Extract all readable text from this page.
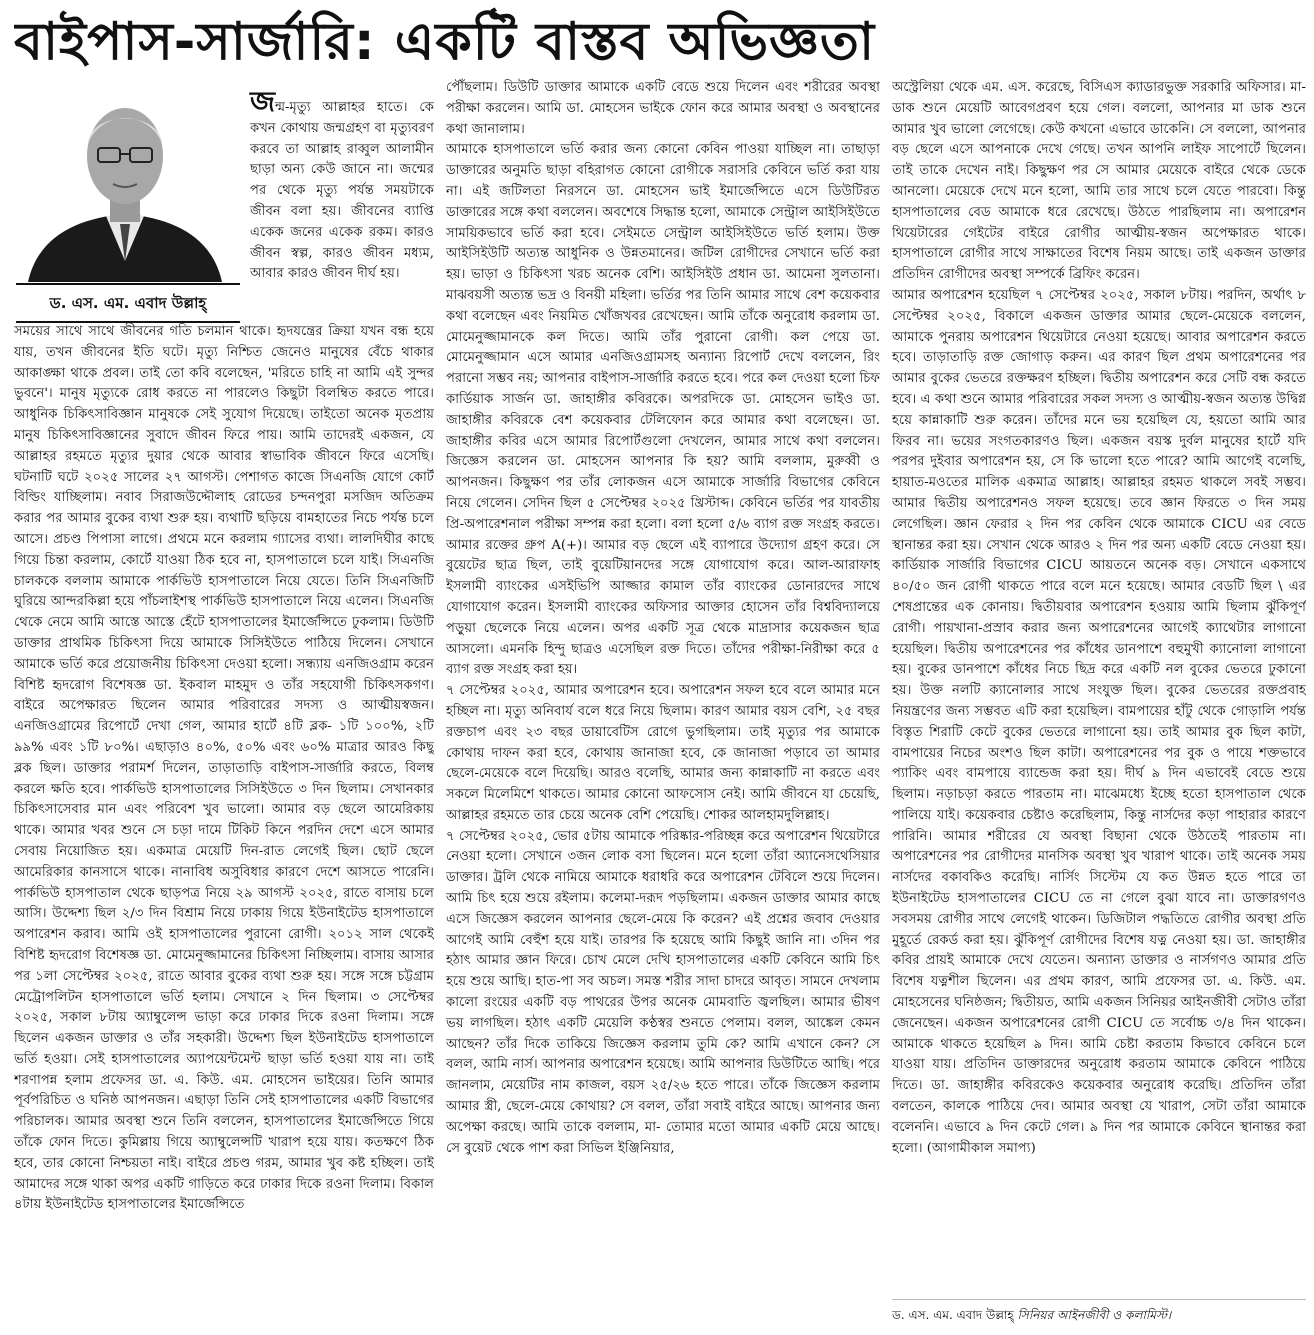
বাইপাস-সার্জারি: একটি বাস্তব অভিজ্ঞতা
ড. এস. এম. এবাদ উল্লাহ্

জন্ম-মৃত্যু আল্লাহর হাতে। কে কখন কোথায় জন্মগ্রহণ বা মৃত্যুবরণ করবে তা আল্লাহ রাব্বুল আলামীন ছাড়া অন্য কেউ জানে না। জন্মের পর থেকে মৃত্যু পর্যন্ত সময়টাকে জীবন বলা হয়। জীবনের ব্যাপ্তি একেক জনের একেক রকম। কারও জীবন স্বল্প, কারও জীবন মধ্যম, আবার কারও জীবন দীর্ঘ হয়।

সময়ের সাথে সাথে জীবনের গতি চলমান থাকে। হৃদযন্ত্রের ক্রিয়া যখন বন্ধ হয়ে যায়, তখন জীবনের ইতি ঘটে। মৃত্যু নিশ্চিত জেনেও মানুষের বেঁচে থাকার আকাঙ্ক্ষা থাকে প্রবল। তাই তো কবি বলেছেন, 'মরিতে চাহি না আমি এই সুন্দর ভুবনে'। মানুষ মৃত্যুকে রোধ করতে না পারলেও কিছুটা বিলম্বিত করতে পারে। আধুনিক চিকিৎসাবিজ্ঞান মানুষকে সেই সুযোগ দিয়েছে। তাইতো অনেক মৃতপ্রায় মানুষ চিকিৎসাবিজ্ঞানের সুবাদে জীবন ফিরে পায়। আমি তাদেরই একজন, যে আল্লাহর রহমতে মৃত্যুর দুয়ার থেকে আবার স্বাভাবিক জীবনে ফিরে এসেছি। ঘটনাটি ঘটে ২০২৫ সালের ২৭ আগস্ট। পেশাগত কাজে সিএনজি যোগে কোর্ট বিল্ডিং যাচ্ছিলাম। নবাব সিরাজউদ্দৌলাহ রোডের চন্দনপুরা মসজিদ অতিক্রম করার পর আমার বুকের ব্যথা শুরু হয়। ব্যথাটি ছড়িয়ে বামহাতের নিচে পর্যন্ত চলে আসে। প্রচণ্ড পিপাসা লাগে। প্রথমে মনে করলাম গ্যাসের ব্যথা। লালদিঘীর কাছে গিয়ে চিন্তা করলাম, কোর্টে যাওয়া ঠিক হবে না, হাসপাতালে চলে যাই। সিএনজি চালককে বললাম আমাকে পার্কভিউ হাসপাতালে নিয়ে যেতে। তিনি সিএনজিটি ঘুরিয়ে আন্দরকিল্লা হয়ে পাঁচলাইশস্থ পার্কভিউ হাসপাতালে নিয়ে এলেন। সিএনজি থেকে নেমে আমি আস্তে আস্তে হেঁটে হাসপাতালের ইমার্জেন্সিতে ঢুকলাম। ডিউটি ডাক্তার প্রাথমিক চিকিৎসা দিয়ে আমাকে সিসিইউতে পাঠিয়ে দিলেন। সেখানে আমাকে ভর্তি করে প্রয়োজনীয় চিকিৎসা দেওয়া হলো। সন্ধ্যায় এনজিওগ্রাম করেন বিশিষ্ট হৃদরোগ বিশেষজ্ঞ ডা. ইকবাল মাহমুদ ও তাঁর সহযোগী চিকিৎসকগণ। বাইরে অপেক্ষারত ছিলেন আমার পরিবারের সদস্য ও আত্মীয়স্বজন। এনজিওগ্রামের রিপোর্টে দেখা গেল, আমার হার্টে ৪টি ব্লক- ১টি ১০০%, ২টি ৯৯% এবং ১টি ৮০%। এছাড়াও ৪০%, ৫০% এবং ৬০% মাত্রার আরও কিছু ব্লক ছিল। ডাক্তার পরামর্শ দিলেন, তাড়াতাড়ি বাইপাস-সার্জারি করতে, বিলম্ব করলে ক্ষতি হবে। পার্কভিউ হাসপাতালের সিসিইউতে ৩ দিন ছিলাম। সেখানকার চিকিৎসাসেবার মান এবং পরিবেশ খুব ভালো। আমার বড় ছেলে আমেরিকায় থাকে। আমার খবর শুনে সে চড়া দামে টিকিট কিনে পরদিন দেশে এসে আমার সেবায় নিয়োজিত হয়। একমাত্র মেয়েটি দিন-রাত লেগেই ছিল। ছোট ছেলে আমেরিকার কানসাসে থাকে। নানাবিধ অসুবিধার কারণে দেশে আসতে পারেনি। পার্কভিউ হাসপাতাল থেকে ছাড়পত্র নিয়ে ২৯ আগস্ট ২০২৫, রাতে বাসায় চলে আসি। উদ্দেশ্য ছিল ২/৩ দিন বিশ্রাম নিয়ে ঢাকায় গিয়ে ইউনাইটেড হাসপাতালে অপারেশন করাব। আমি ওই হাসপাতালের পুরানো রোগী। ২০১২ সাল থেকেই বিশিষ্ট হৃদরোগ বিশেষজ্ঞ ডা. মোমেনুজ্জামানের চিকিৎসা নিচ্ছিলাম। বাসায় আসার পর ১লা সেপ্টেম্বর ২০২৫, রাতে আবার বুকের ব্যথা শুরু হয়। সঙ্গে সঙ্গে চট্টগ্রাম মেট্রোপলিটন হাসপাতালে ভর্তি হলাম। সেখানে ২ দিন ছিলাম। ৩ সেপ্টেম্বর ২০২৫, সকাল ৮টায় অ্যাম্বুলেন্স ভাড়া করে ঢাকার দিকে রওনা দিলাম। সঙ্গে ছিলেন একজন ডাক্তার ও তাঁর সহকারী। উদ্দেশ্য ছিল ইউনাইটেড হাসপাতালে ভর্তি হওয়া। সেই হাসপাতালের অ্যাপয়েন্টমেন্ট ছাড়া ভর্তি হওয়া যায় না। তাই শরণাপন্ন হলাম প্রফেসর ডা. এ. কিউ. এম. মোহসেন ভাইয়ের। তিনি আমার পূর্বপরিচিত ও ঘনিষ্ঠ আপনজন। এছাড়া তিনি সেই হাসপাতালের একটি বিভাগের পরিচালক। আমার অবস্থা শুনে তিনি বললেন, হাসপাতালের ইমার্জেন্সিতে গিয়ে তাঁকে ফোন দিতে। কুমিল্লায় গিয়ে অ্যাম্বুলেন্সটি খারাপ হয়ে যায়। কতক্ষণে ঠিক হবে, তার কোনো নিশ্চয়তা নাই। বাইরে প্রচণ্ড গরম, আমার খুব কষ্ট হচ্ছিল। তাই আমাদের সঙ্গে থাকা অপর একটি গাড়িতে করে ঢাকার দিকে রওনা দিলাম। বিকাল ৪টায় ইউনাইটেড হাসপাতালের ইমার্জেন্সিতে

পৌঁছলাম। ডিউটি ডাক্তার আমাকে একটি বেডে শুয়ে দিলেন এবং শরীরের অবস্থা পরীক্ষা করলেন। আমি ডা. মোহসেন ভাইকে ফোন করে আমার অবস্থা ও অবস্থানের কথা জানালাম।

আমাকে হাসপাতালে ভর্তি করার জন্য কোনো কেবিন পাওয়া যাচ্ছিল না। তাছাড়া ডাক্তারের অনুমতি ছাড়া বহিরাগত কোনো রোগীকে সরাসরি কেবিনে ভর্তি করা যায় না। এই জটিলতা নিরসনে ডা. মোহসেন ভাই ইমার্জেন্সিতে এসে ডিউটিরত ডাক্তারের সঙ্গে কথা বললেন। অবশেষে সিদ্ধান্ত হলো, আমাকে সেন্ট্রাল আইসিইউতে সাময়িকভাবে ভর্তি করা হবে। সেইমতে সেন্ট্রাল আইসিইউতে ভর্তি হলাম। উক্ত আইসিইউটি অত্যন্ত আধুনিক ও উন্নতমানের। জটিল রোগীদের সেখানে ভর্তি করা হয়। ভাড়া ও চিকিৎসা খরচ অনেক বেশি। আইসিইউ প্রধান ডা. আমেনা সুলতানা। মাঝবয়সী অত্যন্ত ভদ্র ও বিনয়ী মহিলা। ভর্তির পর তিনি আমার সাথে বেশ কয়েকবার কথা বলেছেন এবং নিয়মিত খোঁজখবর রেখেছেন। আমি তাঁকে অনুরোধ করলাম ডা. মোমেনুজ্জামানকে কল দিতে। আমি তাঁর পুরানো রোগী। কল পেয়ে ডা. মোমেনুজ্জামান এসে আমার এনজিওগ্রামসহ অন্যান্য রিপোর্ট দেখে বললেন, রিং পরানো সম্ভব নয়; আপনার বাইপাস-সার্জারি করতে হবে। পরে কল দেওয়া হলো চিফ কার্ডিয়াক সার্জন ডা. জাহাঙ্গীর কবিরকে। অপরদিকে ডা. মোহসেন ভাইও ডা. জাহাঙ্গীর কবিরকে বেশ কয়েকবার টেলিফোন করে আমার কথা বলেছেন। ডা. জাহাঙ্গীর কবির এসে আমার রিপোর্টগুলো দেখলেন, আমার সাথে কথা বললেন। জিজ্ঞেস করলেন ডা. মোহসেন আপনার কি হয়? আমি বললাম, মুরুব্বী ও আপনজন। কিছুক্ষণ পর তাঁর লোকজন এসে আমাকে সার্জারি বিভাগের কেবিনে নিয়ে গেলেন। সেদিন ছিল ৫ সেপ্টেম্বর ২০২৫ খ্রিস্টাব্দ। কেবিনে ভর্তির পর যাবতীয় প্রি-অপারেশনাল পরীক্ষা সম্পন্ন করা হলো। বলা হলো ৫/৬ ব্যাগ রক্ত সংগ্রহ করতে। আমার রক্তের গ্রুপ A(+)। আমার বড় ছেলে এই ব্যাপারে উদ্যোগ গ্রহণ করে। সে বুয়েটের ছাত্র ছিল, তাই বুয়েটিয়ানদের সঙ্গে যোগাযোগ করে। আল-আরাফাহ ইসলামী ব্যাংকের এসইভিপি আজ্জার কামাল তাঁর ব্যাংকের ডোনারদের সাথে যোগাযোগ করেন। ইসলামী ব্যাংকের অফিসার আক্তার হোসেন তাঁর বিশ্ববিদ্যালয়ে পড়ুয়া ছেলেকে নিয়ে এলেন। অপর একটি সূত্র থেকে মাদ্রাসার কয়েকজন ছাত্র আসলো। এমনকি হিন্দু ছাত্রও এসেছিল রক্ত দিতে। তাঁদের পরীক্ষা-নিরীক্ষা করে ৫ ব্যাগ রক্ত সংগ্রহ করা হয়।

৭ সেপ্টেম্বর ২০২৫, আমার অপারেশন হবে। অপারেশন সফল হবে বলে আমার মনে হচ্ছিল না। মৃত্যু অনিবার্য বলে ধরে নিয়ে ছিলাম। কারণ আমার বয়স বেশি, ২৫ বছর রক্তচাপ এবং ২৩ বছর ডায়াবেটিস রোগে ভুগছিলাম। তাই মৃত্যুর পর আমাকে কোথায় দাফন করা হবে, কোথায় জানাজা হবে, কে জানাজা পড়াবে তা আমার ছেলে-মেয়েকে বলে দিয়েছি। আরও বলেছি, আমার জন্য কান্নাকাটি না করতে এবং সকলে মিলেমিশে থাকতে। আমার কোনো আফসোস নেই। আমি জীবনে যা চেয়েছি, আল্লাহর রহমতে তার চেয়ে অনেক বেশি পেয়েছি। শোকর আলহামদুলিল্লাহ।

৭ সেপ্টেম্বর ২০২৫, ভোর ৫টায় আমাকে পরিষ্কার-পরিচ্ছন্ন করে অপারেশন থিয়েটারে নেওয়া হলো। সেখানে ৩জন লোক বসা ছিলেন। মনে হলো তাঁরা অ্যানেসথেসিয়ার ডাক্তার। ট্রলি থেকে নামিয়ে আমাকে ধরাধরি করে অপারেশন টেবিলে শুয়ে দিলেন। আমি চিৎ হয়ে শুয়ে রইলাম। কলেমা-দরূদ পড়ছিলাম। একজন ডাক্তার আমার কাছে এসে জিজ্ঞেস করলেন আপনার ছেলে-মেয়ে কি করেন? এই প্রশ্নের জবাব দেওয়ার আগেই আমি বেহুঁশ হয়ে যাই। তারপর কি হয়েছে আমি কিছুই জানি না। ৩দিন পর হঠাৎ আমার জ্ঞান ফিরে। চোখ মেলে দেখি হাসপাতালের একটি কেবিনে আমি চিৎ হয়ে শুয়ে আছি। হাত-পা সব অচল। সমস্ত শরীর সাদা চাদরে আবৃত। সামনে দেখলাম কালো রংয়ের একটি বড় পাথরের উপর অনেক মোমবাতি জ্বলছিল। আমার ভীষণ ভয় লাগছিল। হঠাৎ একটি মেয়েলি কণ্ঠস্বর শুনতে পেলাম। বলল, আঙ্কেল কেমন আছেন? তাঁর দিকে তাকিয়ে জিজ্ঞেস করলাম তুমি কে? আমি এখানে কেন? সে বলল, আমি নার্স। আপনার অপারেশন হয়েছে। আমি আপনার ডিউটিতে আছি। পরে জানলাম, মেয়েটির নাম কাজল, বয়স ২৫/২৬ হতে পারে। তাঁকে জিজ্ঞেস করলাম আমার স্ত্রী, ছেলে-মেয়ে কোথায়? সে বলল, তাঁরা সবাই বাইরে আছে। আপনার জন্য অপেক্ষা করছে। আমি তাকে বললাম, মা- তোমার মতো আমার একটি মেয়ে আছে। সে বুয়েট থেকে পাশ করা সিভিল ইঞ্জিনিয়ার,

অস্ট্রেলিয়া থেকে এম. এস. করেছে, বিসিএস ক্যাডারভুক্ত সরকারি অফিসার। মা-ডাক শুনে মেয়েটি আবেগপ্রবণ হয়ে গেল। বললো, আপনার মা ডাক শুনে আমার খুব ভালো লেগেছে। কেউ কখনো এভাবে ডাকেনি। সে বললো, আপনার বড় ছেলে এসে আপনাকে দেখে গেছে। তখন আপনি লাইফ সাপোর্টে ছিলেন। তাই তাকে দেখেন নাই। কিছুক্ষণ পর সে আমার মেয়েকে বাইরে থেকে ডেকে আনলো। মেয়েকে দেখে মনে হলো, আমি তার সাথে চলে যেতে পারবো। কিন্তু হাসপাতালের বেড আমাকে ধরে রেখেছে। উঠতে পারছিলাম না। অপারেশন থিয়েটারের গেইটের বাইরে রোগীর আত্মীয়-স্বজন অপেক্ষারত থাকে। হাসপাতালে রোগীর সাথে সাক্ষাতের বিশেষ নিয়ম আছে। তাই একজন ডাক্তার প্রতিদিন রোগীদের অবস্থা সম্পর্কে ব্রিফিং করেন।

আমার অপারেশন হয়েছিল ৭ সেপ্টেম্বর ২০২৫, সকাল ৮টায়। পরদিন, অর্থাৎ ৮ সেপ্টেম্বর ২০২৫, বিকালে একজন ডাক্তার আমার ছেলে-মেয়েকে বললেন, আমাকে পুনরায় অপারেশন থিয়েটারে নেওয়া হয়েছে। আবার অপারেশন করতে হবে। তাড়াতাড়ি রক্ত জোগাড় করুন। এর কারণ ছিল প্রথম অপারেশনের পর আমার বুকের ভেতরে রক্তক্ষরণ হচ্ছিল। দ্বিতীয় অপারেশন করে সেটি বন্ধ করতে হবে। এ কথা শুনে আমার পরিবারের সকল সদস্য ও আত্মীয়-স্বজন অত্যন্ত উদ্বিগ্ন হয়ে কান্নাকাটি শুরু করেন। তাঁদের মনে ভয় হয়েছিল যে, হয়তো আমি আর ফিরব না। ভয়ের সংগতকারণও ছিল। একজন বয়স্ক দুর্বল মানুষের হার্টে যদি পরপর দুইবার অপারেশন হয়, সে কি ভালো হতে পারে? আমি আগেই বলেছি, হায়াত-মওতের মালিক একমাত্র আল্লাহ। আল্লাহর রহমত থাকলে সবই সম্ভব। আমার দ্বিতীয় অপারেশনও সফল হয়েছে। তবে জ্ঞান ফিরতে ৩ দিন সময় লেগেছিল। জ্ঞান ফেরার ২ দিন পর কেবিন থেকে আমাকে CICU এর বেডে স্থানান্তর করা হয়। সেখান থেকে আরও ২ দিন পর অন্য একটি বেডে নেওয়া হয়। কার্ডিয়াক সার্জারি বিভাগের CICU আয়তনে অনেক বড়। সেখানে একসাথে ৪০/৫০ জন রোগী থাকতে পারে বলে মনে হয়েছে। আমার বেডটি ছিল \ এর শেষপ্রান্তের এক কোনায়। দ্বিতীয়বার অপারেশন হওয়ায় আমি ছিলাম ঝুঁকিপূর্ণ রোগী। পায়খানা-প্রস্রাব করার জন্য অপারেশনের আগেই ক্যাথেটার লাগানো হয়েছিল। দ্বিতীয় অপারেশনের পর কাঁধের ডানপাশে বহুমুখী ক্যানোলা লাগানো হয়। বুকের ডানপাশে কাঁধের নিচে ছিদ্র করে একটি নল বুকের ভেতরে ঢুকানো হয়। উক্ত নলটি ক্যানোলার সাথে সংযুক্ত ছিল। বুকের ভেতরের রক্তপ্রবাহ নিয়ন্ত্রণের জন্য সম্ভবত এটি করা হয়েছিল। বামপায়ের হাঁটু থেকে গোড়ালি পর্যন্ত বিস্তৃত শিরাটি কেটে বুকের ভেতরে লাগানো হয়। তাই আমার বুক ছিল কাটা, বামপায়ের নিচের অংশও ছিল কাটা। অপারেশনের পর বুক ও পায়ে শক্তভাবে প্যাকিং এবং বামপায়ে ব্যান্ডেজ করা হয়। দীর্ঘ ৯ দিন এভাবেই বেডে শুয়ে ছিলাম। নড়াচড়া করতে পারতাম না। মাঝেমধ্যে ইচ্ছে হতো হাসপাতাল থেকে পালিয়ে যাই। কয়েকবার চেষ্টাও করেছিলাম, কিন্তু নার্সদের কড়া পাহারার কারণে পারিনি। আমার শরীরের যে অবস্থা বিছানা থেকে উঠতেই পারতাম না। অপারেশনের পর রোগীদের মানসিক অবস্থা খুব খারাপ থাকে। তাই অনেক সময় নার্সদের বকাবকিও করেছি। নার্সিং সিস্টেম যে কত উন্নত হতে পারে তা ইউনাইটেড হাসপাতালের CICU তে না গেলে বুঝা যাবে না। ডাক্তারগণও সবসময় রোগীর সাথে লেগেই থাকেন। ডিজিটাল পদ্ধতিতে রোগীর অবস্থা প্রতি মুহূর্তে রেকর্ড করা হয়। ঝুঁকিপূর্ণ রোগীদের বিশেষ যত্ন নেওয়া হয়। ডা. জাহাঙ্গীর কবির প্রায়ই আমাকে দেখে যেতেন। অন্যান্য ডাক্তার ও নার্সগণও আমার প্রতি বিশেষ যত্নশীল ছিলেন। এর প্রথম কারণ, আমি প্রফেসর ডা. এ. কিউ. এম. মোহসেনের ঘনিষ্ঠজন; দ্বিতীয়ত, আমি একজন সিনিয়র আইনজীবী সেটাও তাঁরা জেনেছেন। একজন অপারেশনের রোগী CICU তে সর্বোচ্চ ৩/৪ দিন থাকেন। আমাকে থাকতে হয়েছিল ৯ দিন। আমি চেষ্টা করতাম কিভাবে কেবিনে চলে যাওয়া যায়। প্রতিদিন ডাক্তারদের অনুরোধ করতাম আমাকে কেবিনে পাঠিয়ে দিতে। ডা. জাহাঙ্গীর কবিরকেও কয়েকবার অনুরোধ করেছি। প্রতিদিন তাঁরা বলতেন, কালকে পাঠিয়ে দেব। আমার অবস্থা যে খারাপ, সেটা তাঁরা আমাকে বলেননি। এভাবে ৯ দিন কেটে গেল। ৯ দিন পর আমাকে কেবিনে স্থানান্তর করা হলো। (আগামীকাল সমাপ্য)

ড. এস. এম. এবাদ উল্লাহ্ সিনিয়র আইনজীবী ও কলামিস্ট।
